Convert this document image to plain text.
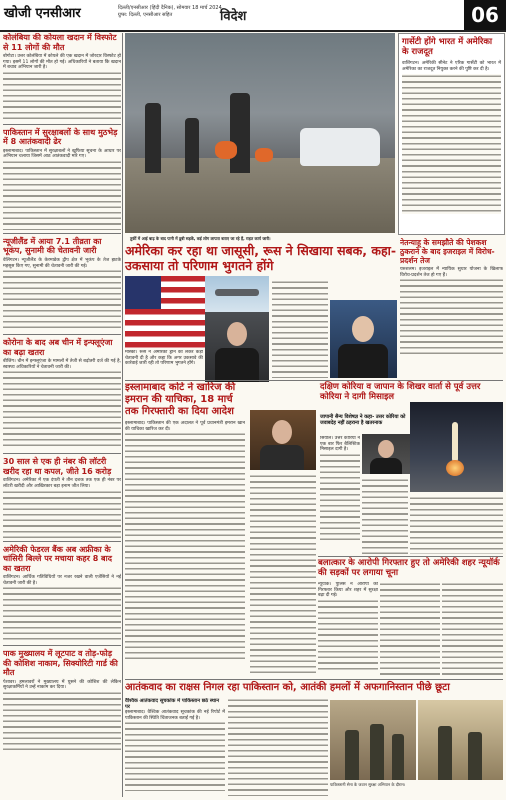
खोजी एनसीआर	दिल्ली/एनसीआर (हिंदी दैनिक), सोमवार 18 मार्च 2024
ग्रुप्स: दिल्ली, एनसीआर सहित	विदेश	06
कोलंबिया की कोयला खदान में विस्फोट से 11 लोगों की मौत

बोगोटा। उत्तर कोलंबिया में कोयले की एक खदान में जोरदार विस्फोट हो गया। इसमें 11 लोगों की मौत हो गई। अधिकारियों ने बताया कि खदान में बचाव अभियान जारी है।

पाकिस्तान में सुरक्षाबलों के साथ मुठभेड़ में 8 आतंकवादी ढेर

इस्लामाबाद। पाकिस्तान में सुरक्षाबलों ने खुफिया सूचना के आधार पर अभियान चलाया जिसमें आठ आतंकवादी मारे गए।

न्यूजीलैंड में आया 7.1 तीव्रता का भूकंप, सुनामी की चेतावनी जारी

वेलिंगटन। न्यूजीलैंड के केरमाडेक द्वीप क्षेत्र में भूकंप के तेज झटके महसूस किए गए, सुनामी की चेतावनी जारी की गई।

कोरोना के बाद अब चीन में इन्फ्लूएंजा का बढ़ा खतरा

बीजिंग। चीन में इन्फ्लूएंजा के मामलों में तेजी से बढ़ोतरी दर्ज की गई है, स्वास्थ्य अधिकारियों ने चेतावनी जारी की।

30 साल से एक ही नंबर की लॉटरी खरीद रहा था कपल, जीते 16 करोड़

वाशिंगटन। अमेरिका में एक दंपती ने तीन दशक तक एक ही नंबर पर लॉटरी खरीदी और आखिरकार बड़ा इनाम जीत लिया।

अमेरिकी फेडरल बैंक अब अफ्रीका के चांसिरी बिल्ले पर मचाया कहर 8 बाद का खतरा

वाशिंगटन। आर्थिक गतिविधियों पर नजर रखने वाली एजेंसियों ने नई चेतावनी जारी की है।

पाक मुख्यालय में लूटपाट व तोड़-फोड़ की कोशिश नाकाम, सिक्योरिटी गार्ड की मौत

पेशावर। हमलावरों ने मुख्यालय में घुसने की कोशिश की लेकिन सुरक्षाकर्मियों ने उन्हें नाकाम कर दिया।

गार्सेटी होंगे भारत में अमेरिका के राजदूत

वाशिंगटन। अमेरिकी सीनेट ने एरिक गार्सेटी को भारत में अमेरिका का राजदूत नियुक्त करने की पुष्टि कर दी है।

तुर्की में आई बाढ़ के बाद पानी में डूबी सड़कें, कई लोग लापता बताए जा रहे हैं, राहत कार्य जारी।
अमेरिका कर रहा था जासूसी, रूस ने सिखाया सबक, कहा- उकसाया तो परिणाम भुगतने होंगे

मॉस्को। रूस ने अमेरिकी ड्रोन को लेकर कड़ी चेतावनी दी है और कहा कि अगर उकसावे की कार्रवाई जारी रही तो परिणाम भुगतने होंगे।

नेतन्याहू के समझौते की पेशकश ठुकराने के बाद इजराइल में विरोध-प्रदर्शन तेज

यरुशलम। इजराइल में न्यायिक सुधार योजना के खिलाफ विरोध-प्रदर्शन तेज हो गए हैं।

इस्लामाबाद कोर्ट ने खारिज की इमरान की याचिका, 18 मार्च तक गिरफ्तारी का दिया आदेश

इस्लामाबाद। पाकिस्तान की एक अदालत ने पूर्व प्रधानमंत्री इमरान खान की याचिका खारिज कर दी।

दक्षिण कोरिया व जापान के शिखर वार्ता से पूर्व उत्तर कोरिया ने दागी मिसाइल
जापानी सैन्य विशेषज्ञ ने कहा- उत्तर कोरिया को जवाबदेह नहीं ठहराना है खतरनाक

सियोल। उत्तर कोरिया ने एक बार फिर बैलिस्टिक मिसाइल दागी है।

बलात्कार के आरोपी गिरफ्तार हुए तो अमेरिकी शहर न्यूयॉर्क की सड़कों पर लगाया चूना

न्यूयॉर्क। पुलिस ने आरोपी को गिरफ्तार किया और शहर में सुरक्षा बढ़ा दी गई।

आतंकवाद का राक्षस निगल रहा पाकिस्तान को, आतंकी हमलों में अफगानिस्तान पीछे छूटा
वैश्विक आतंकवाद सूचकांक में पाकिस्तान छठे स्थान पर

इस्लामाबाद। वैश्विक आतंकवाद सूचकांक की नई रिपोर्ट में पाकिस्तान की स्थिति चिंताजनक बताई गई है।

पाकिस्तानी सेना के जवान सुरक्षा अभियान के दौरान।
